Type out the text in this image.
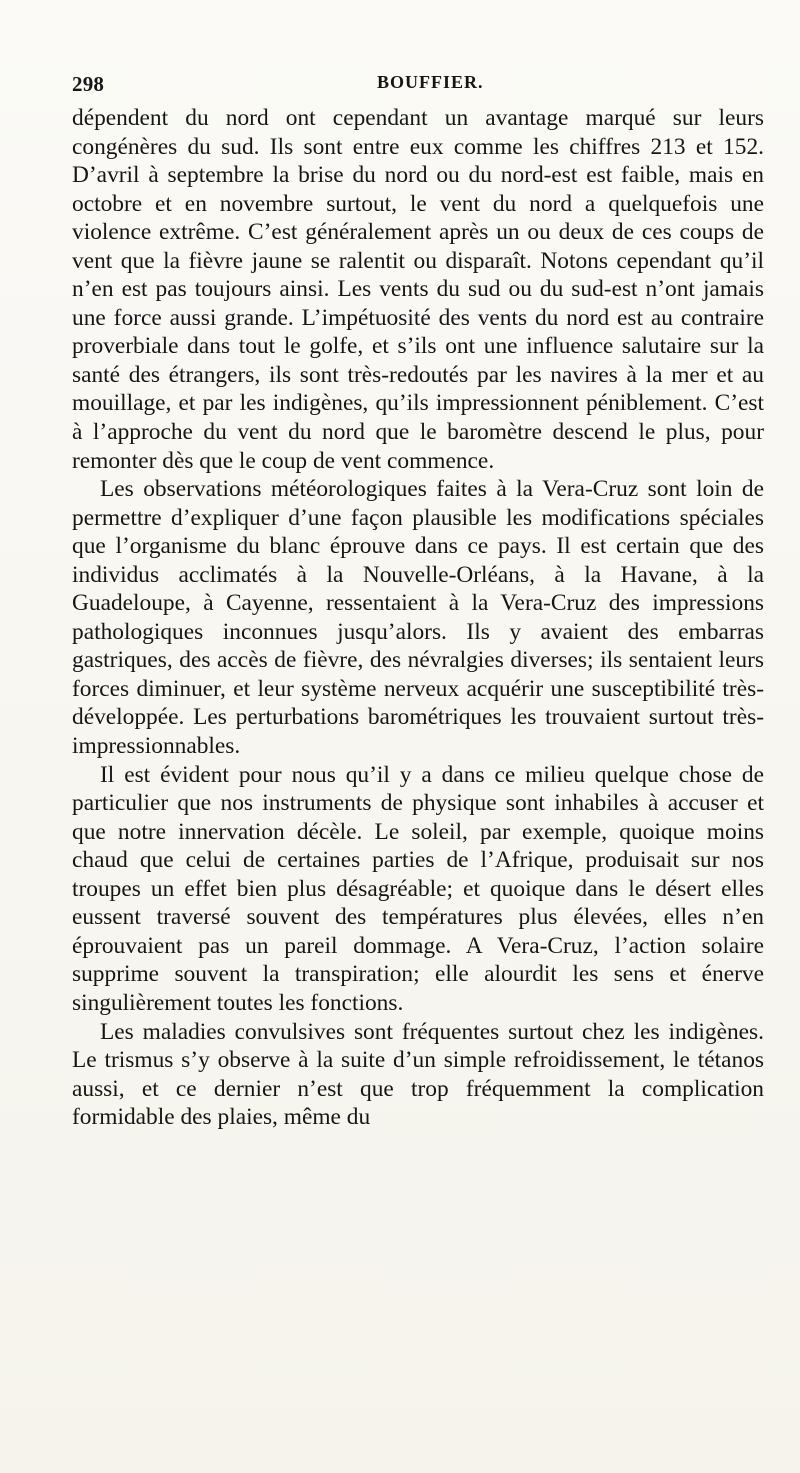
298	BOUFFIER.

dépendent du nord ont cependant un avantage marqué sur leurs congénères du sud. Ils sont entre eux comme les chiffres 213 et 152. D’avril à septembre la brise du nord ou du nord-est est faible, mais en octobre et en novembre surtout, le vent du nord a quelquefois une violence extrême. C’est généralement après un ou deux de ces coups de vent que la fièvre jaune se ralentit ou disparaît. Notons cependant qu’il n’en est pas toujours ainsi. Les vents du sud ou du sud-est n’ont jamais une force aussi grande. L’impétuosité des vents du nord est au contraire proverbiale dans tout le golfe, et s’ils ont une influence salutaire sur la santé des étrangers, ils sont très-redoutés par les navires à la mer et au mouillage, et par les indigènes, qu’ils impressionnent péniblement. C’est à l’approche du vent du nord que le baromètre descend le plus, pour remonter dès que le coup de vent commence.

Les observations météorologiques faites à la Vera-Cruz sont loin de permettre d’expliquer d’une façon plausible les modifications spéciales que l’organisme du blanc éprouve dans ce pays. Il est certain que des individus acclimatés à la Nouvelle-Orléans, à la Havane, à la Guadeloupe, à Cayenne, ressentaient à la Vera-Cruz des impressions pathologiques inconnues jusqu’alors. Ils y avaient des embarras gastriques, des accès de fièvre, des névralgies diverses; ils sentaient leurs forces diminuer, et leur système nerveux acquérir une susceptibilité très-développée. Les perturbations barométriques les trouvaient surtout très-impressionnables.

Il est évident pour nous qu’il y a dans ce milieu quelque chose de particulier que nos instruments de physique sont inhabiles à accuser et que notre innervation décèle. Le soleil, par exemple, quoique moins chaud que celui de certaines parties de l’Afrique, produisait sur nos troupes un effet bien plus désagréable; et quoique dans le désert elles eussent traversé souvent des températures plus élevées, elles n’en éprouvaient pas un pareil dommage. A Vera-Cruz, l’action solaire supprime souvent la transpiration; elle alourdit les sens et énerve singulièrement toutes les fonctions.

Les maladies convulsives sont fréquentes surtout chez les indigènes. Le trismus s’y observe à la suite d’un simple refroidissement, le tétanos aussi, et ce dernier n’est que trop fréquemment la complication formidable des plaies, même du
